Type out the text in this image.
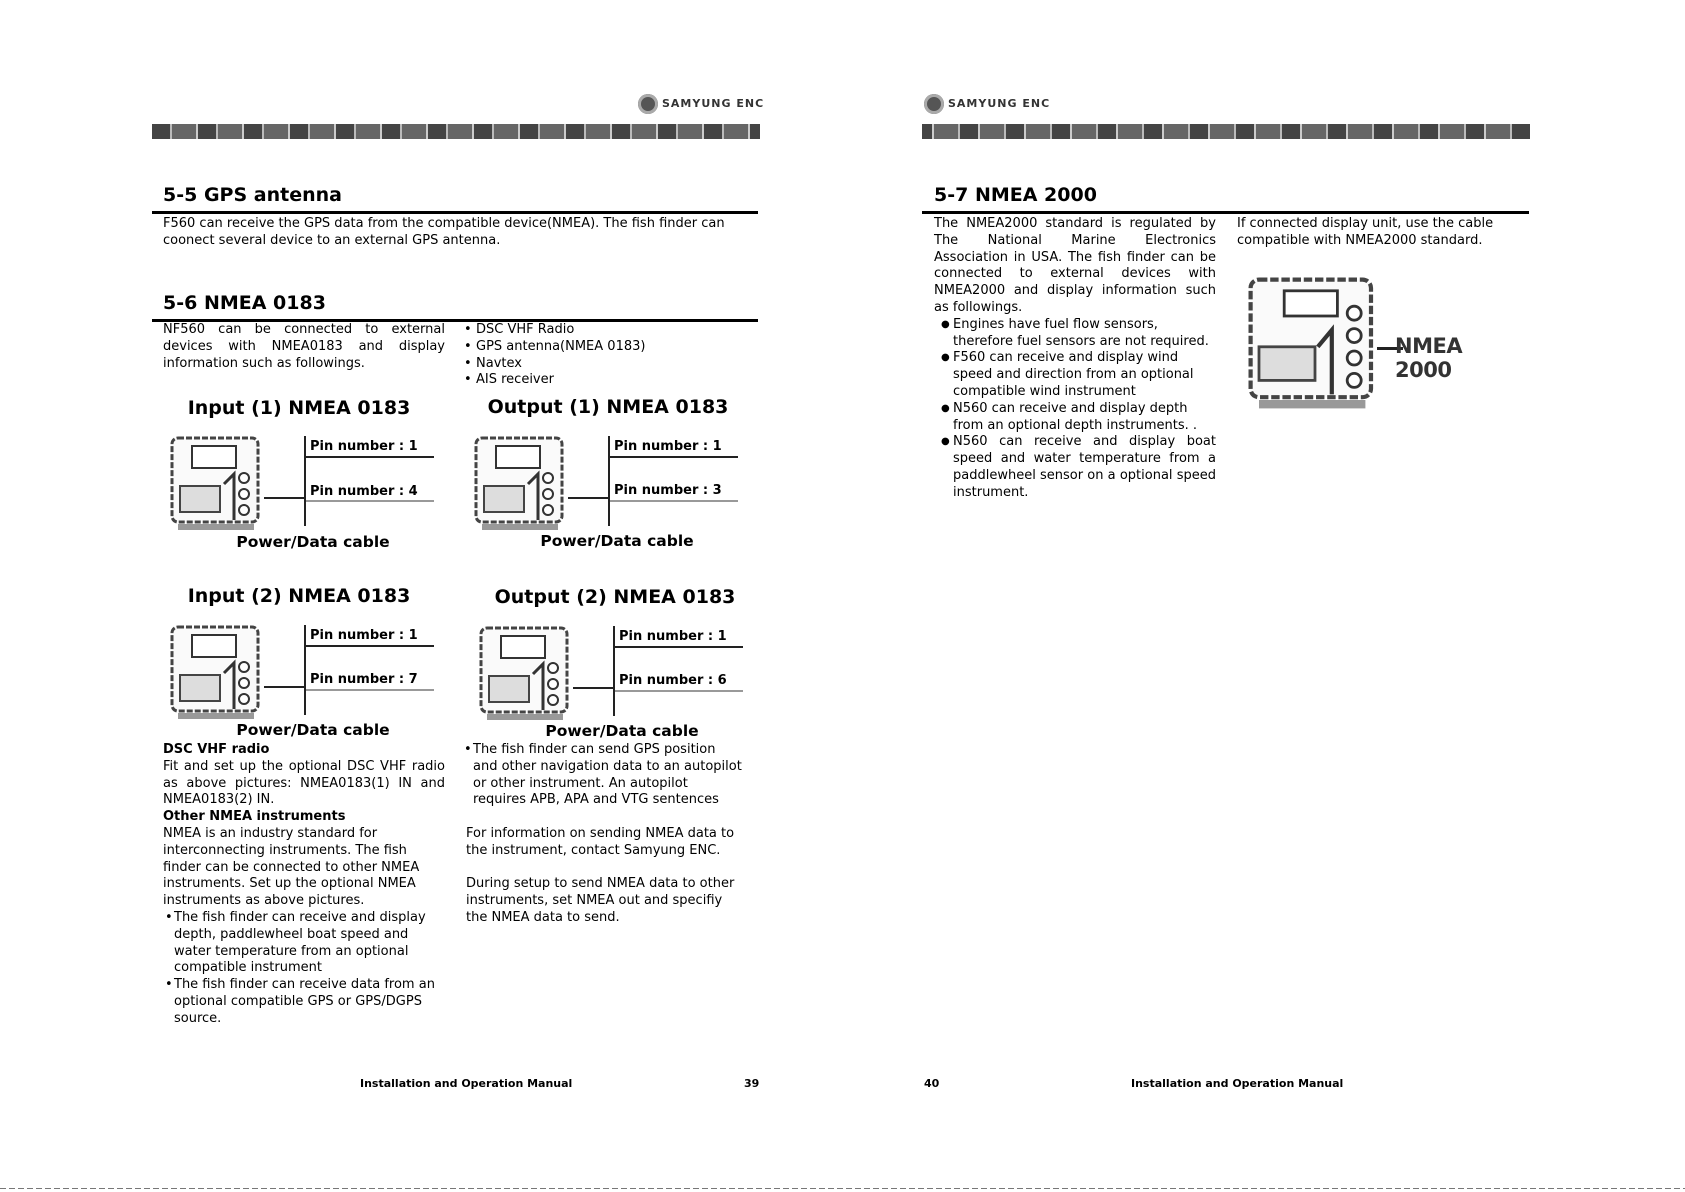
SAMYUNG ENC
5-5 GPS antenna
F560 can receive the GPS data from the compatible device(NMEA). The fish finder can coonect several device to an external GPS antenna.
5-6 NMEA 0183
NF560 can be connected to external devices with NMEA0183 and display information such as followings.
• DSC VHF Radio
• GPS antenna(NMEA 0183)
• Navtex
• AIS receiver
Input (1) NMEA 0183
Pin number : 1
Pin number : 4
Power/Data cable
Output (1) NMEA 0183
Pin number : 1
Pin number : 3
Power/Data cable
Input (2) NMEA 0183
Pin number : 1
Pin number : 7
Power/Data cable
Output (2) NMEA 0183
Pin number : 1
Pin number : 6
Power/Data cable
DSC VHF radio
Fit and set up the optional DSC VHF radio as above pictures: NMEA0183(1) IN and NMEA0183(2) IN.
Other NMEA instruments
NMEA is an industry standard for interconnecting instruments. The fish finder can be connected to other NMEA instruments. Set up the optional NMEA instruments as above pictures.
• The fish finder can receive and display depth, paddlewheel boat speed and water temperature from an optional compatible instrument
• The fish finder can receive data from an optional compatible GPS or GPS/DGPS source.
• The fish finder can send GPS position and other navigation data to an autopilot or other instrument. An autopilot requires APB, APA and VTG sentences
For information on sending NMEA data to the instrument, contact Samyung ENC.
During setup to send NMEA data to other instruments, set NMEA out and specifiy the NMEA data to send.
Installation and Operation Manual	39
SAMYUNG ENC
5-7 NMEA 2000
The NMEA2000 standard is regulated by The National Marine Electronics Association in USA. The fish finder can be connected to external devices with NMEA2000 and display information such as followings.
● Engines have fuel flow sensors, therefore fuel sensors are not required.
● F560 can receive and display wind speed and direction from an optional compatible wind instrument
● N560 can receive and display depth from an optional depth instruments. .
● N560 can receive and display boat speed and water temperature from a paddlewheel sensor on a optional speed instrument.
If connected display unit, use the cable compatible with NMEA2000 standard.
NMEA 2000
40	Installation and Operation Manual
